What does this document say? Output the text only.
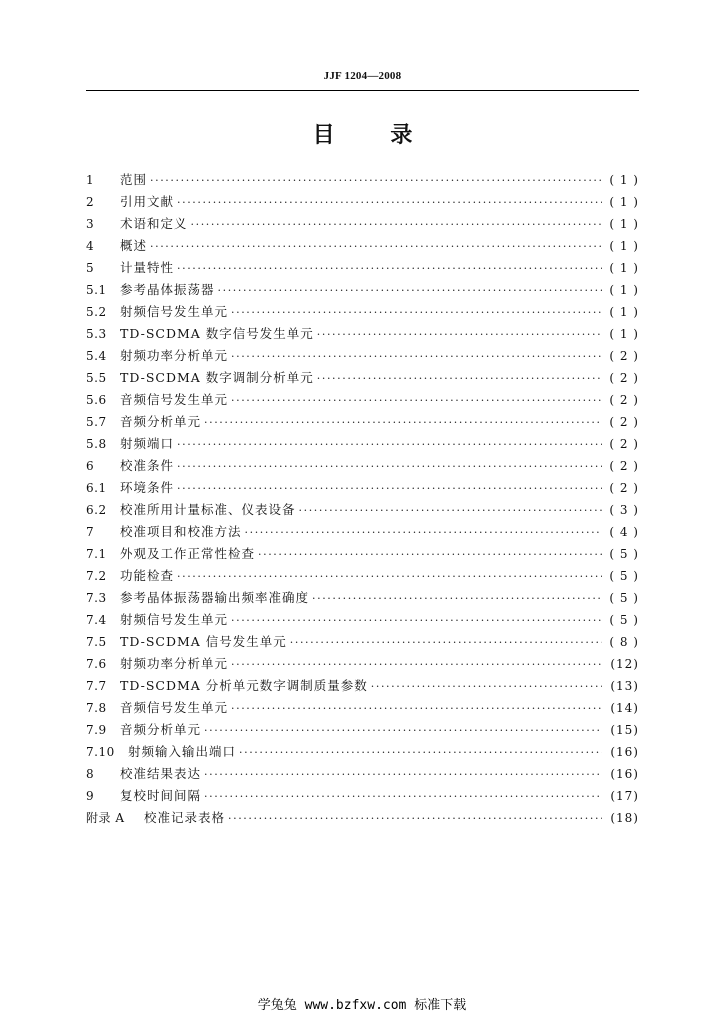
JJF 1204—2008
目	录
1	范围 ·····	( 1 )
2	引用文献 ·····	( 1 )
3	术语和定义 ·····	( 1 )
4	概述 ·····	( 1 )
5	计量特性 ·····	( 1 )
5.1	参考晶体振荡器 ·····	( 1 )
5.2	射频信号发生单元 ·····	( 1 )
5.3	TD-SCDMA 数字信号发生单元 ·····	( 1 )
5.4	射频功率分析单元 ·····	( 2 )
5.5	TD-SCDMA 数字调制分析单元 ·····	( 2 )
5.6	音频信号发生单元 ·····	( 2 )
5.7	音频分析单元 ·····	( 2 )
5.8	射频端口 ·····	( 2 )
6	校准条件 ·····	( 2 )
6.1	环境条件 ·····	( 2 )
6.2	校准所用计量标准、仪表设备 ·····	( 3 )
7	校准项目和校准方法 ·····	( 4 )
7.1	外观及工作正常性检查 ·····	( 5 )
7.2	功能检查 ·····	( 5 )
7.3	参考晶体振荡器输出频率准确度 ·····	( 5 )
7.4	射频信号发生单元 ·····	( 5 )
7.5	TD-SCDMA 信号发生单元 ·····	( 8 )
7.6	射频功率分析单元 ·····	(12)
7.7	TD-SCDMA 分析单元数字调制质量参数 ·····	(13)
7.8	音频信号发生单元 ·····	(14)
7.9	音频分析单元 ·····	(15)
7.10	射频输入输出端口 ·····	(16)
8	校准结果表达 ·····	(16)
9	复校时间间隔 ·····	(17)
附录 A	校准记录表格 ·····	(18)
学兔兔 www.bzfxw.com 标准下载
